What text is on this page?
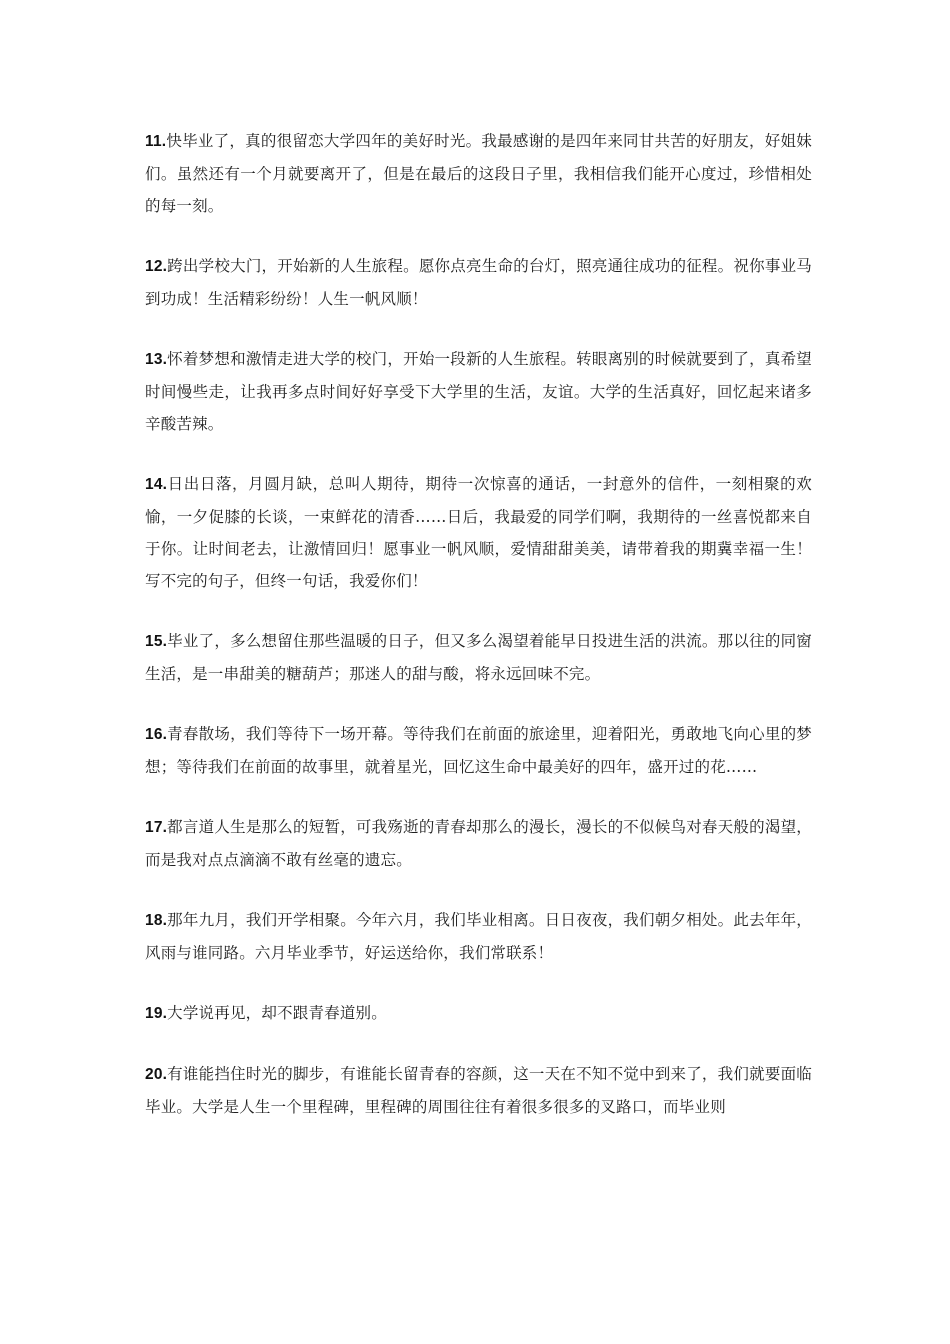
11.快毕业了，真的很留恋大学四年的美好时光。我最感谢的是四年来同甘共苦的好朋友，好姐妹们。虽然还有一个月就要离开了，但是在最后的这段日子里，我相信我们能开心度过，珍惜相处的每一刻。

12.跨出学校大门，开始新的人生旅程。愿你点亮生命的台灯，照亮通往成功的征程。祝你事业马到功成！生活精彩纷纷！人生一帆风顺！

13.怀着梦想和激情走进大学的校门，开始一段新的人生旅程。转眼离别的时候就要到了，真希望时间慢些走，让我再多点时间好好享受下大学里的生活，友谊。大学的生活真好，回忆起来诸多辛酸苦辣。

14.日出日落，月圆月缺，总叫人期待，期待一次惊喜的通话，一封意外的信件，一刻相聚的欢愉，一夕促膝的长谈，一束鲜花的清香……日后，我最爱的同学们啊，我期待的一丝喜悦都来自于你。让时间老去，让激情回归！愿事业一帆风顺，爱情甜甜美美，请带着我的期冀幸福一生！写不完的句子，但终一句话，我爱你们！

15.毕业了，多么想留住那些温暖的日子，但又多么渴望着能早日投进生活的洪流。那以往的同窗生活，是一串甜美的糖葫芦；那迷人的甜与酸，将永远回味不完。

16.青春散场，我们等待下一场开幕。等待我们在前面的旅途里，迎着阳光，勇敢地飞向心里的梦想；等待我们在前面的故事里，就着星光，回忆这生命中最美好的四年，盛开过的花……

17.都言道人生是那么的短暂，可我殇逝的青春却那么的漫长，漫长的不似候鸟对春天般的渴望，而是我对点点滴滴不敢有丝毫的遗忘。

18.那年九月，我们开学相聚。今年六月，我们毕业相离。日日夜夜，我们朝夕相处。此去年年，风雨与谁同路。六月毕业季节，好运送给你，我们常联系！

19.大学说再见，却不跟青春道别。

20.有谁能挡住时光的脚步，有谁能长留青春的容颜，这一天在不知不觉中到来了，我们就要面临毕业。大学是人生一个里程碑，里程碑的周围往往有着很多很多的叉路口，而毕业则
